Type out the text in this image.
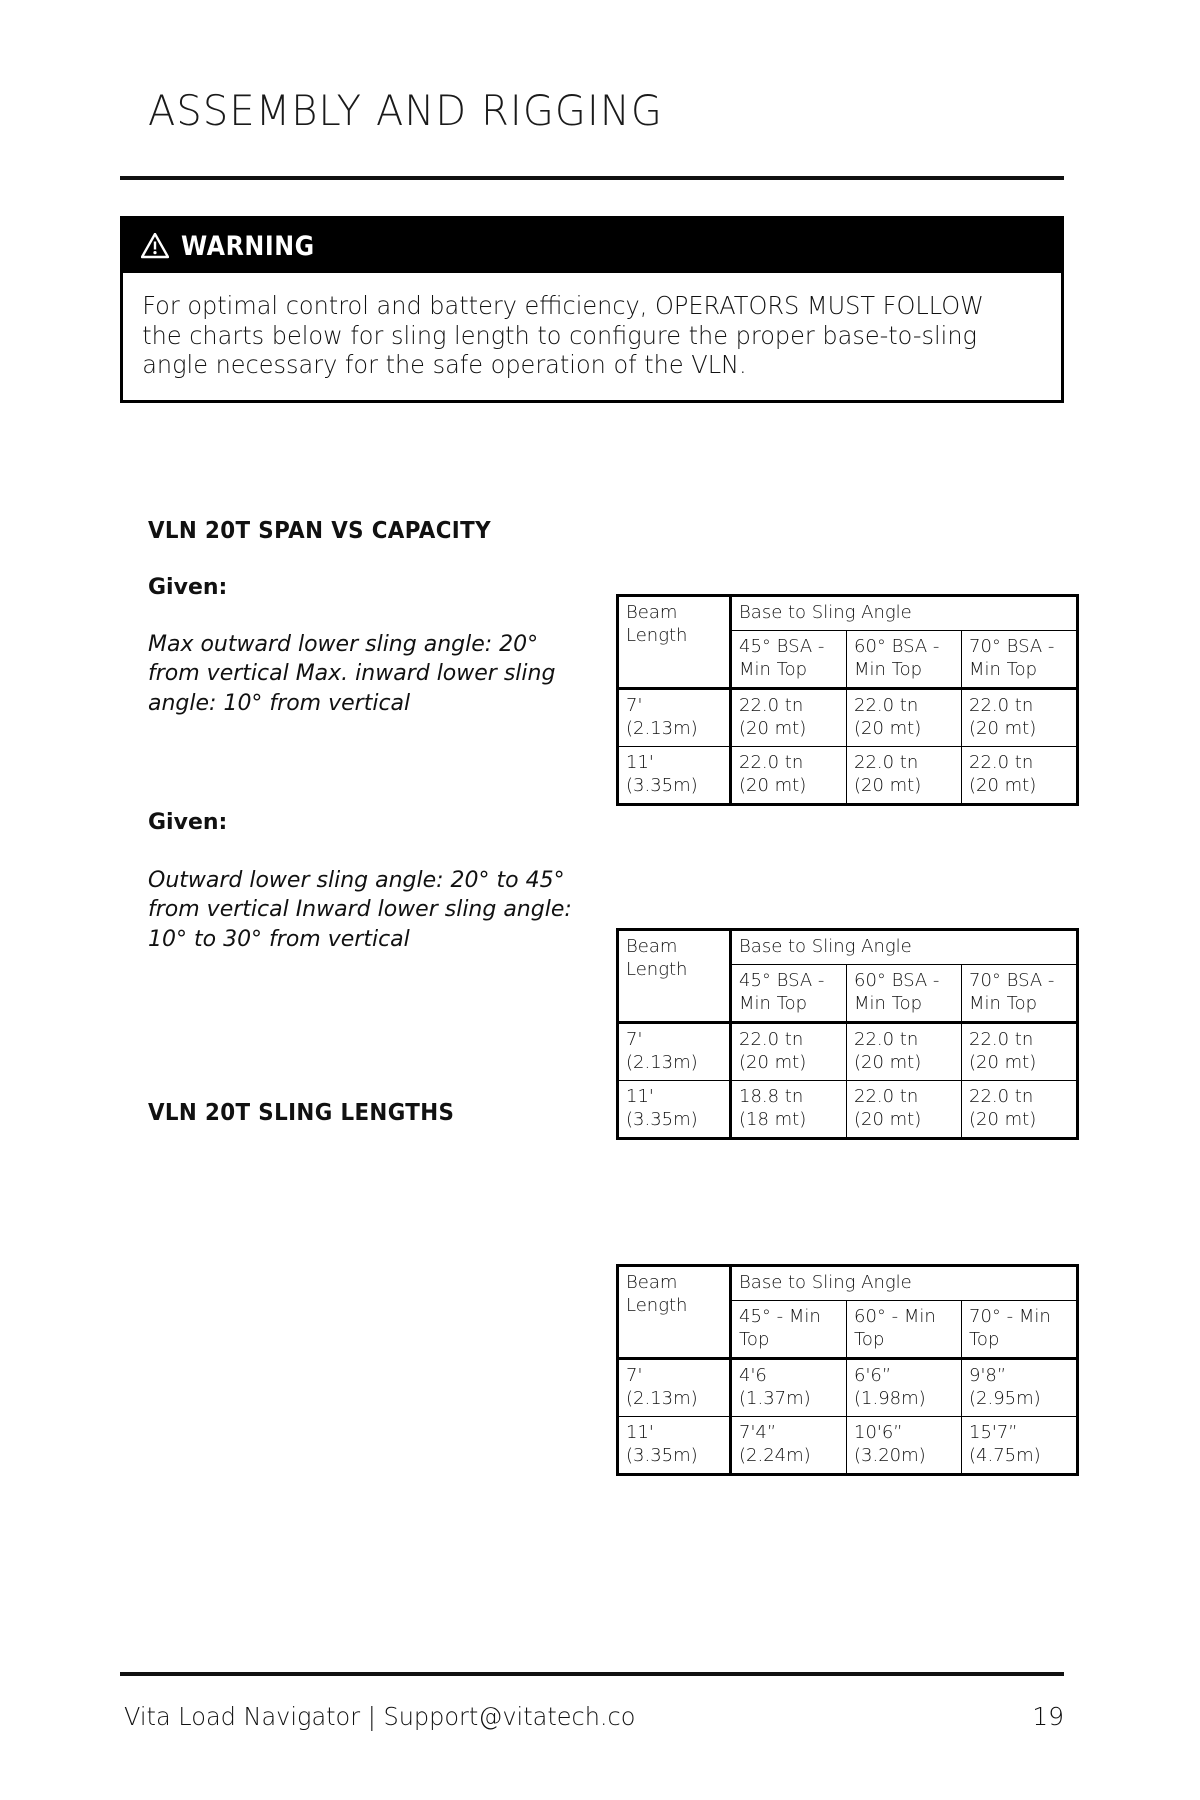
ASSEMBLY AND RIGGING
WARNING
For optimal control and battery efficiency, OPERATORS MUST FOLLOW the charts below for sling length to configure the proper base-to-sling angle necessary for the safe operation of the VLN.
VLN 20T SPAN VS CAPACITY
Given:
Max outward lower sling angle: 20° from vertical Max. inward lower sling angle: 10° from vertical
Given:
Outward lower sling angle: 20° to 45° from vertical Inward lower sling angle: 10° to 30° from vertical
VLN 20T SLING LENGTHS
Beam
Length	Base to Sling Angle		

	45° BSA -
Min Top	60° BSA -
Min Top	70° BSA -
Min Top

7'
(2.13m)	22.0 tn
(20 mt)	22.0 tn
(20 mt)	22.0 tn
(20 mt)

11'
(3.35m)	22.0 tn
(20 mt)	22.0 tn
(20 mt)	22.0 tn
(20 mt)
Beam
Length	Base to Sling Angle		

	45° BSA -
Min Top	60° BSA -
Min Top	70° BSA -
Min Top

7'
(2.13m)	22.0 tn
(20 mt)	22.0 tn
(20 mt)	22.0 tn
(20 mt)

11'
(3.35m)	18.8 tn
(18 mt)	22.0 tn
(20 mt)	22.0 tn
(20 mt)
Beam
Length	Base to Sling Angle		

	45° - Min
Top	60° - Min
Top	70° - Min
Top

7'
(2.13m)	4'6
(1.37m)	6'6”
(1.98m)	9'8”
(2.95m)

11'
(3.35m)	7'4”
(2.24m)	10'6”
(3.20m)	15'7”
(4.75m)
Vita Load Navigator | Support@vitatech.co	19
